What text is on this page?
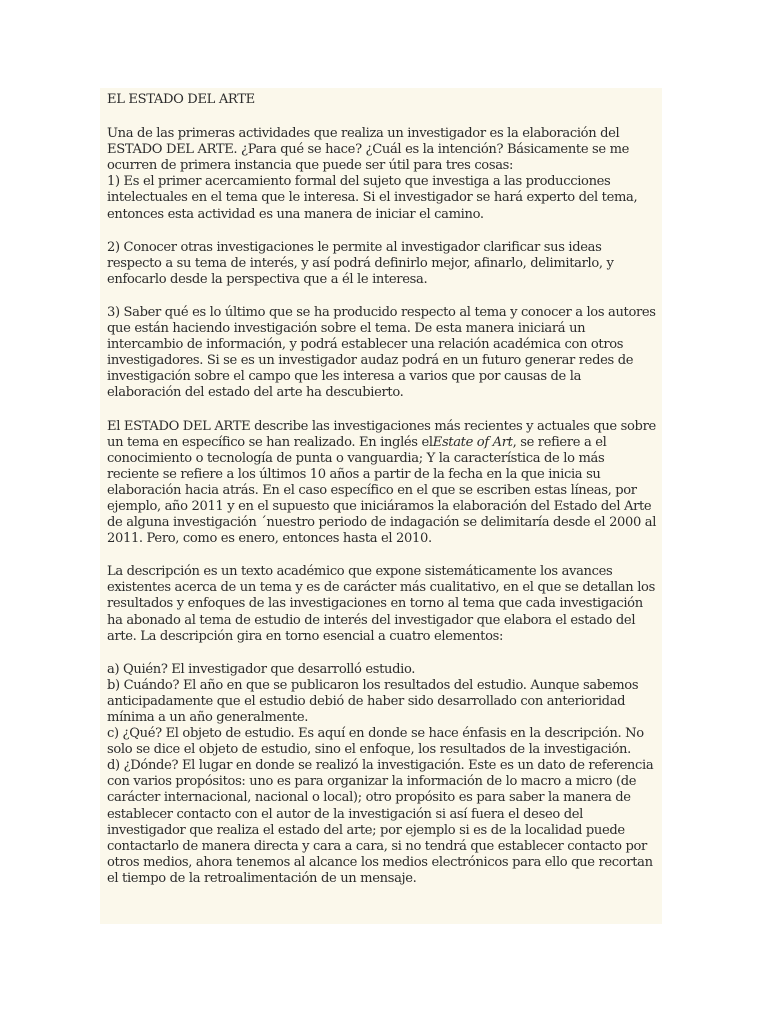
EL ESTADO DEL ARTE

Una de las primeras actividades que realiza un investigador es la elaboración del ESTADO DEL ARTE. ¿Para qué se hace? ¿Cuál es la intención? Básicamente se me ocurren de primera instancia que puede ser útil para tres cosas:

1) Es el primer acercamiento formal del sujeto que investiga a las producciones intelectuales en el tema que le interesa. Si el investigador se hará experto del tema, entonces esta actividad es una manera de iniciar el camino.

2) Conocer otras investigaciones le permite al investigador clarificar sus ideas respecto a su tema de interés, y así podrá definirlo mejor, afinarlo, delimitarlo, y enfocarlo desde la perspectiva que a él le interesa.

3) Saber qué es lo último que se ha producido respecto al tema y conocer a los autores que están haciendo investigación sobre el tema. De esta manera iniciará un intercambio de información, y podrá establecer una relación académica con otros investigadores. Si se es un investigador audaz podrá en un futuro generar redes de investigación sobre el campo que les interesa a varios que por causas de la elaboración del estado del arte ha descubierto.

El ESTADO DEL ARTE describe las investigaciones más recientes y actuales que sobre un tema en específico se han realizado. En inglés elEstate of Art, se refiere a el conocimiento o tecnología de punta o vanguardia; Y la característica de lo más reciente se refiere a los últimos 10 años a partir de la fecha en la que inicia su elaboración hacia atrás. En el caso específico en el que se escriben estas líneas, por ejemplo, año 2011 y en el supuesto que iniciáramos la elaboración del Estado del Arte de alguna investigación ´nuestro periodo de indagación se delimitaría desde el 2000 al 2011. Pero, como es enero, entonces hasta el 2010.

La descripción es un texto académico que expone sistemáticamente los avances existentes acerca de un tema y es de carácter más cualitativo, en el que se detallan los resultados y enfoques de las investigaciones en torno al tema que cada investigación ha abonado al tema de estudio de interés del investigador que elabora el estado del arte. La descripción gira en torno esencial a cuatro elementos:

a) Quién? El investigador que desarrolló estudio.

b) Cuándo? El año en que se publicaron los resultados del estudio. Aunque sabemos anticipadamente que el estudio debió de haber sido desarrollado con anterioridad mínima a un año generalmente.

c) ¿Qué? El objeto de estudio. Es aquí en donde se hace énfasis en la descripción. No solo se dice el objeto de estudio, sino el enfoque, los resultados de la investigación.

d) ¿Dónde? El lugar en donde se realizó la investigación. Este es un dato de referencia con varios propósitos: uno es para organizar la información de lo macro a micro (de carácter internacional, nacional o local); otro propósito es para saber la manera de establecer contacto con el autor de la investigación si así fuera el deseo del investigador que realiza el estado del arte; por ejemplo si es de la localidad puede contactarlo de manera directa y cara a cara, si no tendrá que establecer contacto por otros medios, ahora tenemos al alcance los medios electrónicos para ello que recortan el tiempo de la retroalimentación de un mensaje.
